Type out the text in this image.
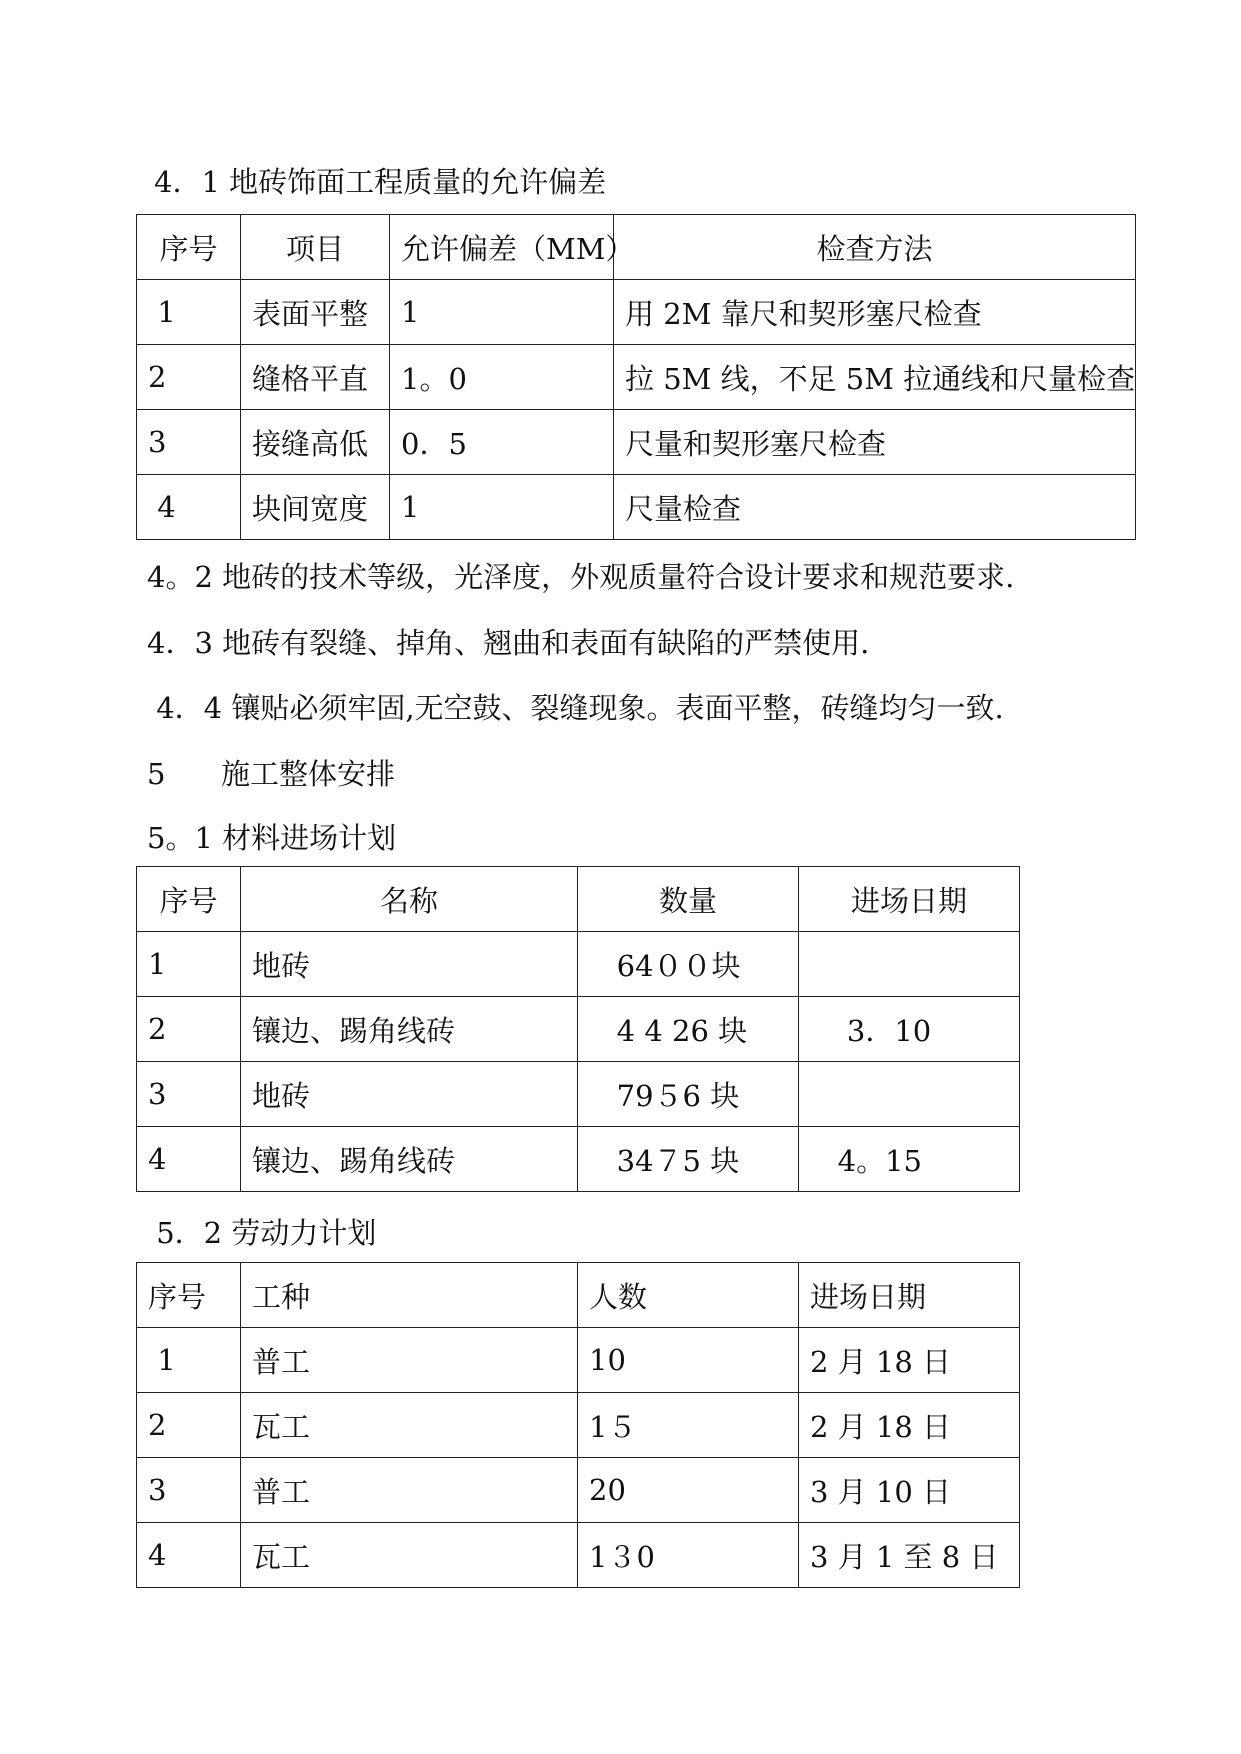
4．1 地砖饰面工程质量的允许偏差
序号	项目	允许偏差（MM）	检查方法
1	表面平整	1	用 2M 靠尺和契形塞尺检查
2	缝格平直	1。0	拉 5M 线，不足 5M 拉通线和尺量检查
3	接缝高低	0．5	尺量和契形塞尺检查
4	块间宽度	1	尺量检查
4。2 地砖的技术等级，光泽度，外观质量符合设计要求和规范要求.
4．3 地砖有裂缝、掉角、翘曲和表面有缺陷的严禁使用.
4．4 镶贴必须牢固,无空鼓、裂缝现象。表面平整，砖缝均匀一致.
5 施工整体安排
5。1 材料进场计划
序号	名称	数量	进场日期
1	地砖	64００块	
2	镶边、踢角线砖	4 4 26 块	3．10
3	地砖	79５6 块	
4	镶边、踢角线砖	34７5 块	4。15
5．2 劳动力计划
序号	工种	人数	进场日期
1	普工	10	2 月 18 日
2	瓦工	1５	2 月 18 日
3	普工	20	3 月 10 日
4	瓦工	1３0	3 月 1 至 8 日
